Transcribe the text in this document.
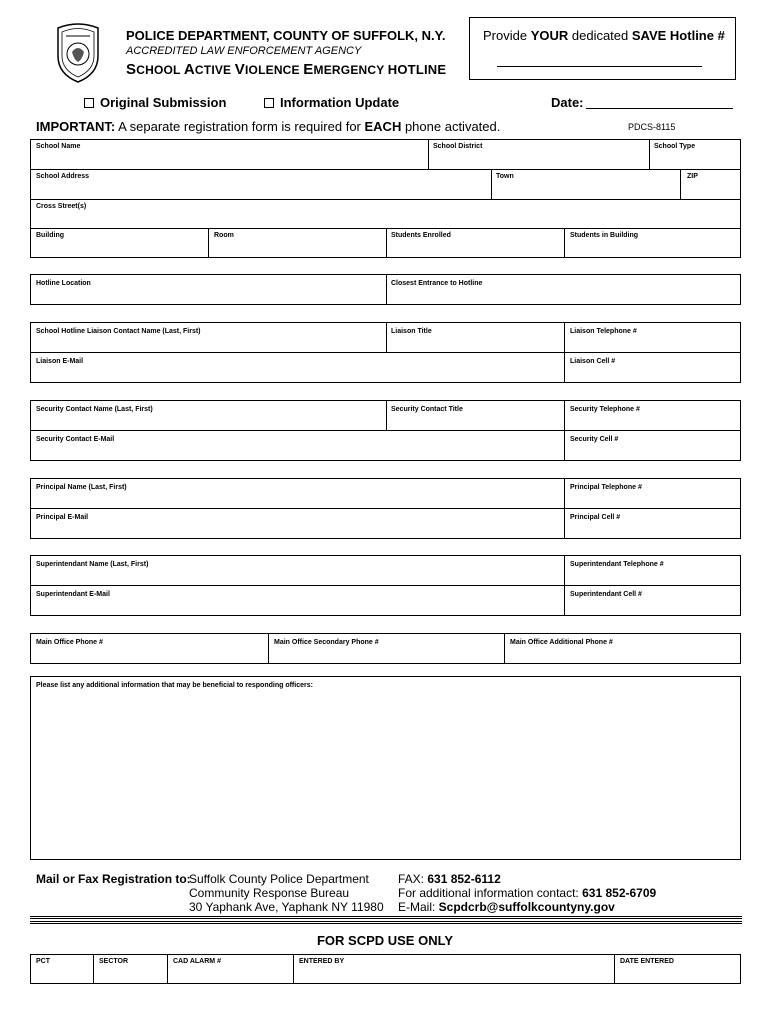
POLICE DEPARTMENT, COUNTY OF SUFFOLK, N.Y.
ACCREDITED LAW ENFORCEMENT AGENCY
SCHOOL ACTIVE VIOLENCE EMERGENCY HOTLINE
Provide YOUR dedicated SAVE Hotline #
Original Submission	Information Update	Date:
IMPORTANT: A separate registration form is required for EACH phone activated.	PDCS-8115
School Name	School District	School Type
School Address	Town	ZIP
Cross Street(s)
Building	Room	Students Enrolled	Students in Building
Hotline Location	Closest Entrance to Hotline
School Hotline Liaison Contact Name (Last, First)	Liaison Title	Liaison Telephone #
Liaison E-Mail	Liaison Cell #
Security Contact Name (Last, First)	Security Contact Title	Security Telephone #
Security Contact E-Mail	Security Cell #
Principal Name (Last, First)	Principal Telephone #
Principal E-Mail	Principal Cell #
Superintendant Name (Last, First)	Superintendant Telephone #
Superintendant E-Mail	Superintendant Cell #
Main Office Phone #	Main Office Secondary Phone #	Main Office Additional Phone #
Please list any additional information that may be beneficial to responding officers:
Mail or Fax Registration to:
Suffolk County Police Department
Community Response Bureau
30 Yaphank Ave, Yaphank NY 11980
FAX: 631 852-6112
For additional information contact: 631 852-6709
E-Mail: Scpdcrb@suffolkcountyny.gov
FOR SCPD USE ONLY
PCT	SECTOR	CAD ALARM #	ENTERED BY	DATE ENTERED
